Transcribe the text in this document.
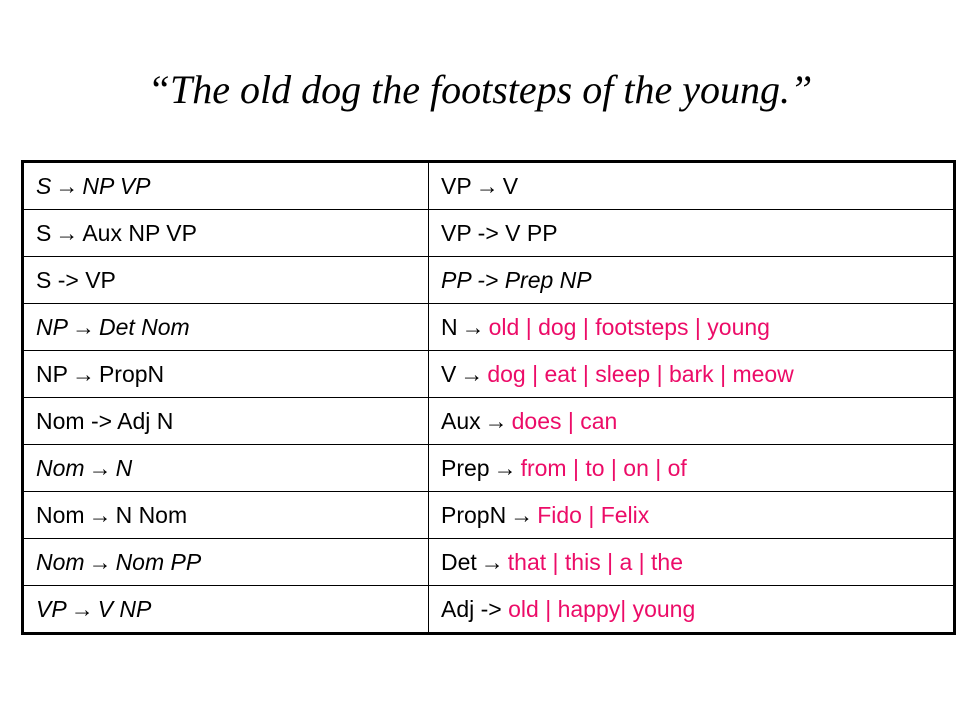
“The old dog the footsteps of the young.”
S → NP VP	VP → V
S → Aux NP VP	VP -> V PP
S -> VP	PP -> Prep NP
NP → Det Nom	N → old | dog | footsteps | young
NP → PropN	V → dog | eat | sleep | bark | meow
Nom -> Adj N	Aux → does | can
Nom → N	Prep → from | to | on | of
Nom → N Nom	PropN → Fido | Felix
Nom → Nom PP	Det → that | this | a | the
VP → V NP	Adj -> old | happy| young
